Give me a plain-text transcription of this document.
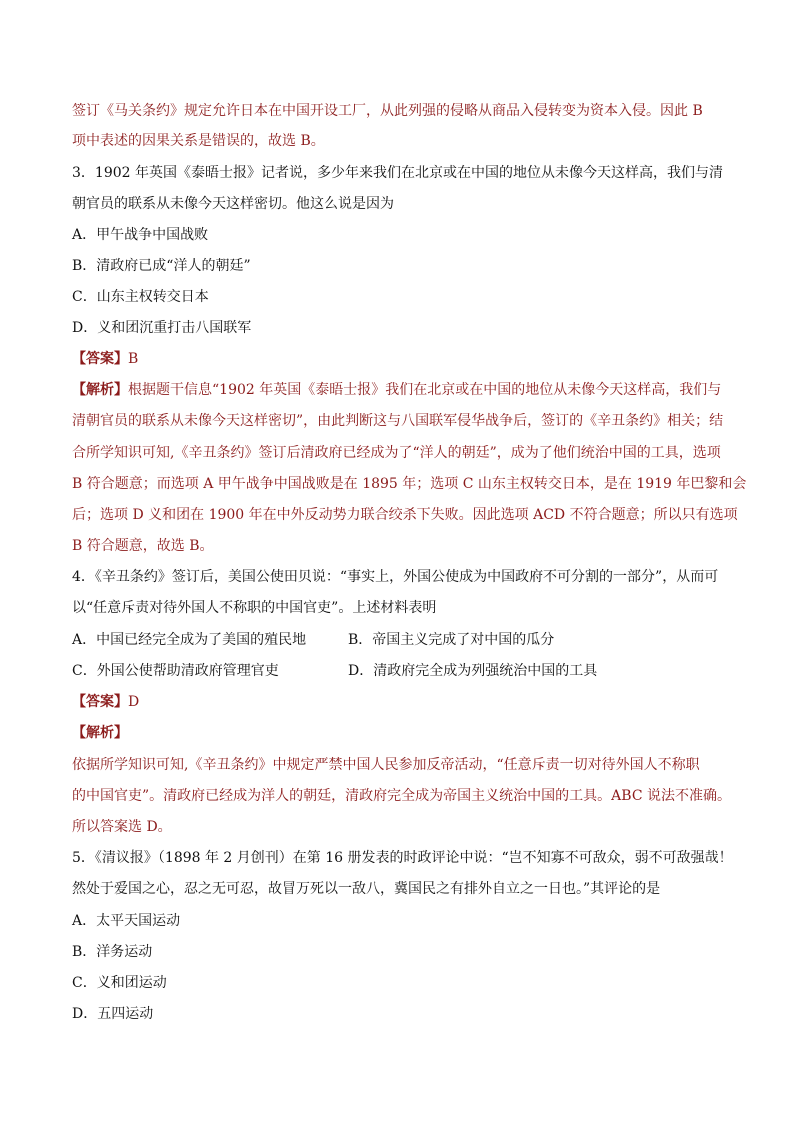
签订《马关条约》规定允许日本在中国开设工厂，从此列强的侵略从商品入侵转变为资本入侵。因此 B
项中表述的因果关系是错误的，故选 B。
3．1902 年英国《泰晤士报》记者说，多少年来我们在北京或在中国的地位从未像今天这样高，我们与清
朝官员的联系从未像今天这样密切。他这么说是因为
A．甲午战争中国战败
B．清政府已成“洋人的朝廷”
C．山东主权转交日本
D．义和团沉重打击八国联军
【答案】B
【解析】根据题干信息“1902 年英国《泰晤士报》我们在北京或在中国的地位从未像今天这样高，我们与
清朝官员的联系从未像今天这样密切”，由此判断这与八国联军侵华战争后，签订的《辛丑条约》相关；结
合所学知识可知,《辛丑条约》签订后清政府已经成为了“洋人的朝廷”，成为了他们统治中国的工具，选项
B 符合题意；而选项 A 甲午战争中国战败是在 1895 年；选项 C 山东主权转交日本，是在 1919 年巴黎和会
后；选项 D 义和团在 1900 年在中外反动势力联合绞杀下失败。因此选项 ACD 不符合题意；所以只有选项
B 符合题意，故选 B。
4．《辛丑条约》签订后，美国公使田贝说：“事实上，外国公使成为中国政府不可分割的一部分”，从而可
以“任意斥责对待外国人不称职的中国官吏”。上述材料表明
A．中国已经完全成为了美国的殖民地	B．帝国主义完成了对中国的瓜分
C．外国公使帮助清政府管理官吏	D．清政府完全成为列强统治中国的工具
【答案】D
【解析】
依据所学知识可知,《辛丑条约》中规定严禁中国人民参加反帝活动，“任意斥责一切对待外国人不称职
的中国官吏”。清政府已经成为洋人的朝廷，清政府完全成为帝国主义统治中国的工具。ABC 说法不准确。
所以答案选 D。
5．《清议报》（1898 年 2 月创刊）在第 16 册发表的时政评论中说：“岂不知寡不可敌众，弱不可敌强哉！
然处于爱国之心，忍之无可忍，故冒万死以一敌八，冀国民之有排外自立之一日也。”其评论的是
A．太平天国运动
B．洋务运动
C．义和团运动
D．五四运动
